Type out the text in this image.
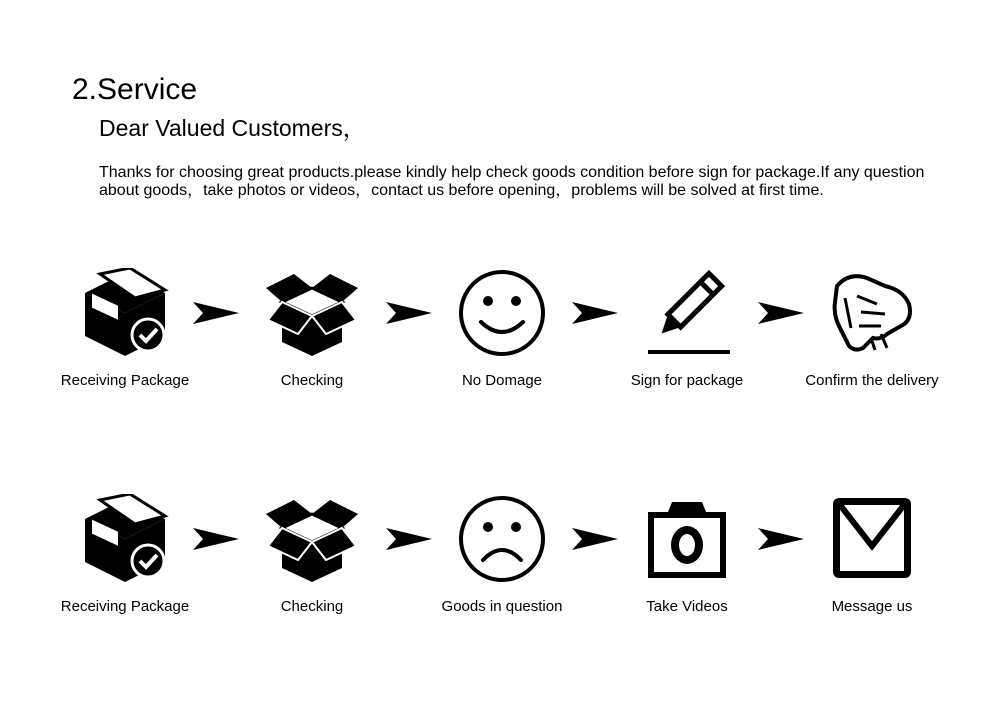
2.Service
Dear Valued Customers，
Thanks for choosing great products.please kindly help check goods condition before sign for package.If any question about goods，take photos or videos，contact us before opening，problems will be solved at first time.
Receiving Package	Checking	No Domage	Sign for package	Confirm the delivery
Receiving Package	Checking	Goods in question	Take Videos	Message us
